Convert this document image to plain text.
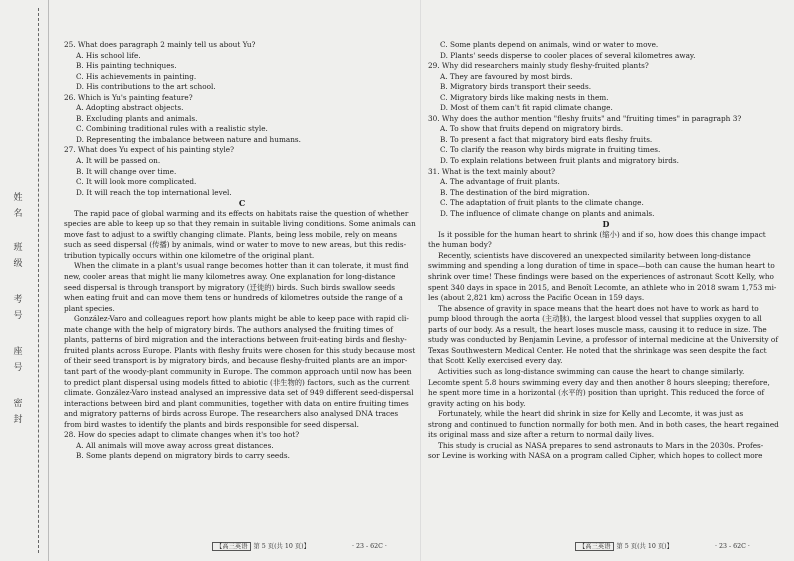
姓
名
班
级
考
号
座
号
密
封
25. What does paragraph 2 mainly tell us about Yu?
A. His school life.
B. His painting techniques.
C. His achievements in painting.
D. His contributions to the art school.
26. Which is Yu's painting feature?
A. Adopting abstract objects.
B. Excluding plants and animals.
C. Combining traditional rules with a realistic style.
D. Representing the imbalance between nature and humans.
27. What does Yu expect of his painting style?
A. It will be passed on.
B. It will change over time.
C. It will look more complicated.
D. It will reach the top international level.
C
The rapid pace of global warming and its effects on habitats raise the question of whether
species are able to keep up so that they remain in suitable living conditions. Some animals can
move fast to adjust to a swiftly changing climate. Plants, being less mobile, rely on means
such as seed dispersal (传播) by animals, wind or water to move to new areas, but this redis-
tribution typically occurs within one kilometre of the original plant.
When the climate in a plant's usual range becomes hotter than it can tolerate, it must find
new, cooler areas that might lie many kilometres away. One explanation for long-distance
seed dispersal is through transport by migratory (迁徙的) birds. Such birds swallow seeds
when eating fruit and can move them tens or hundreds of kilometres outside the range of a
plant species.
González-Varo and colleagues report how plants might be able to keep pace with rapid cli-
mate change with the help of migratory birds. The authors analysed the fruiting times of
plants, patterns of bird migration and the interactions between fruit-eating birds and fleshy-
fruited plants across Europe. Plants with fleshy fruits were chosen for this study because most
of their seed transport is by migratory birds, and because fleshy-fruited plants are an impor-
tant part of the woody-plant community in Europe. The common approach until now has been
to predict plant dispersal using models fitted to abiotic (非生物的) factors, such as the current
climate. González-Varo instead analysed an impressive data set of 949 different seed-dispersal
interactions between bird and plant communities, together with data on entire fruiting times
and migratory patterns of birds across Europe. The researchers also analysed DNA traces
from bird wastes to identify the plants and birds responsible for seed dispersal.
28. How do species adapt to climate changes when it's too hot?
A. All animals will move away across great distances.
B. Some plants depend on migratory birds to carry seeds.
C. Some plants depend on animals, wind or water to move.
D. Plants' seeds disperse to cooler places of several kilometres away.
29. Why did researchers mainly study fleshy-fruited plants?
A. They are favoured by most birds.
B. Migratory birds transport their seeds.
C. Migratory birds like making nests in them.
D. Most of them can't fit rapid climate change.
30. Why does the author mention "fleshy fruits" and "fruiting times" in paragraph 3?
A. To show that fruits depend on migratory birds.
B. To present a fact that migratory bird eats fleshy fruits.
C. To clarify the reason why birds migrate in fruiting times.
D. To explain relations between fruit plants and migratory birds.
31. What is the text mainly about?
A. The advantage of fruit plants.
B. The destination of the bird migration.
C. The adaptation of fruit plants to the climate change.
D. The influence of climate change on plants and animals.
D
Is it possible for the human heart to shrink (缩小) and if so, how does this change impact
the human body?
Recently, scientists have discovered an unexpected similarity between long-distance
swimming and spending a long duration of time in space—both can cause the human heart to
shrink over time! These findings were based on the experiences of astronaut Scott Kelly, who
spent 340 days in space in 2015, and Benoît Lecomte, an athlete who in 2018 swam 1,753 mi-
les (about 2,821 km) across the Pacific Ocean in 159 days.
The absence of gravity in space means that the heart does not have to work as hard to
pump blood through the aorta (主动脉), the largest blood vessel that supplies oxygen to all
parts of our body. As a result, the heart loses muscle mass, causing it to reduce in size. The
study was conducted by Benjamin Levine, a professor of internal medicine at the University of
Texas Southwestern Medical Center. He noted that the shrinkage was seen despite the fact
that Scott Kelly exercised every day.
Activities such as long-distance swimming can cause the heart to change similarly.
Lecomte spent 5.8 hours swimming every day and then another 8 hours sleeping; therefore,
he spent more time in a horizontal (水平的) position than upright. This reduced the force of
gravity acting on his body.
Fortunately, while the heart did shrink in size for Kelly and Lecomte, it was just as
strong and continued to function normally for both men. And in both cases, the heart regained
its original mass and size after a return to normal daily lives.
This study is crucial as NASA prepares to send astronauts to Mars in the 2030s. Profes-
sor Levine is working with NASA on a program called Cipher, which hopes to collect more
【高三英语 第 5 页(共 10 页)】	· 23 - 62C ·	【高三英语 第 5 页(共 10 页)】	· 23 - 62C ·
